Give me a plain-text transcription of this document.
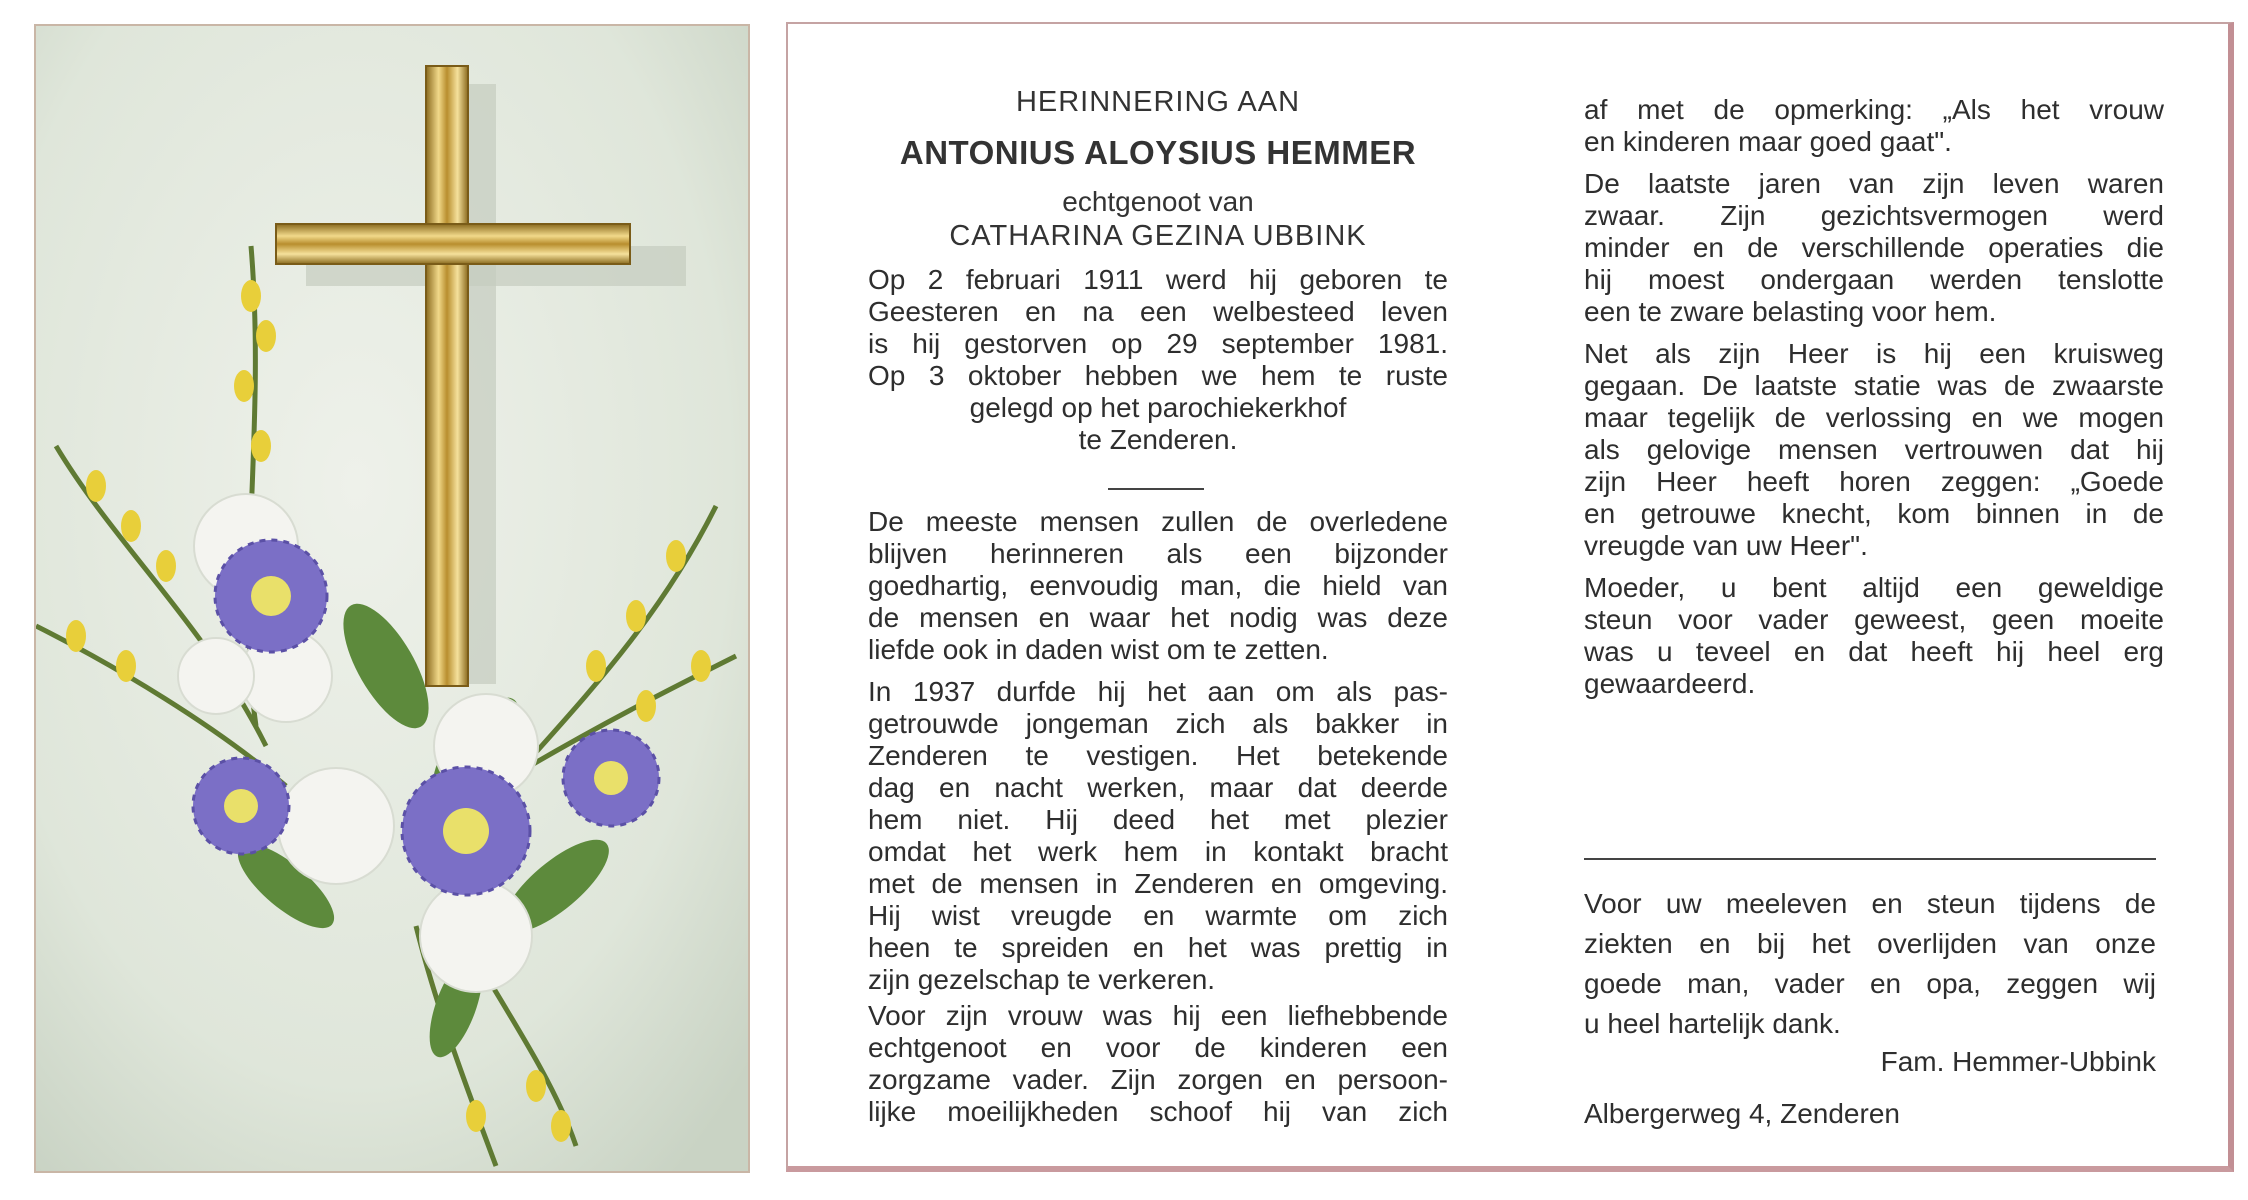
HERINNERING AAN
ANTONIUS ALOYSIUS HEMMER
echtgenoot van
CATHARINA GEZINA UBBINK
Op 2 februari 1911 werd hij geboren te
Geesteren en na een welbesteed leven
is hij gestorven op 29 september 1981.
Op 3 oktober hebben we hem te ruste
gelegd op het parochiekerkhof
te Zenderen.
De meeste mensen zullen de overledene
blijven herinneren als een bijzonder
goedhartig, eenvoudig man, die hield van
de mensen en waar het nodig was deze
liefde ook in daden wist om te zetten.
In 1937 durfde hij het aan om als pas-
getrouwde jongeman zich als bakker in
Zenderen te vestigen. Het betekende
dag en nacht werken, maar dat deerde
hem niet. Hij deed het met plezier
omdat het werk hem in kontakt bracht
met de mensen in Zenderen en omgeving.
Hij wist vreugde en warmte om zich
heen te spreiden en het was prettig in
zijn gezelschap te verkeren.
Voor zijn vrouw was hij een liefhebbende
echtgenoot en voor de kinderen een
zorgzame vader. Zijn zorgen en persoon-
lijke moeilijkheden schoof hij van zich
af met de opmerking: „Als het vrouw
en kinderen maar goed gaat".
De laatste jaren van zijn leven waren
zwaar. Zijn gezichtsvermogen werd
minder en de verschillende operaties die
hij moest ondergaan werden tenslotte
een te zware belasting voor hem.
Net als zijn Heer is hij een kruisweg
gegaan. De laatste statie was de zwaarste
maar tegelijk de verlossing en we mogen
als gelovige mensen vertrouwen dat hij
zijn Heer heeft horen zeggen: „Goede
en getrouwe knecht, kom binnen in de
vreugde van uw Heer".
Moeder, u bent altijd een geweldige
steun voor vader geweest, geen moeite
was u teveel en dat heeft hij heel erg
gewaardeerd.
Voor uw meeleven en steun tijdens de
ziekten en bij het overlijden van onze
goede man, vader en opa, zeggen wij
u heel hartelijk dank.
Fam. Hemmer-Ubbink
Albergerweg 4, Zenderen
